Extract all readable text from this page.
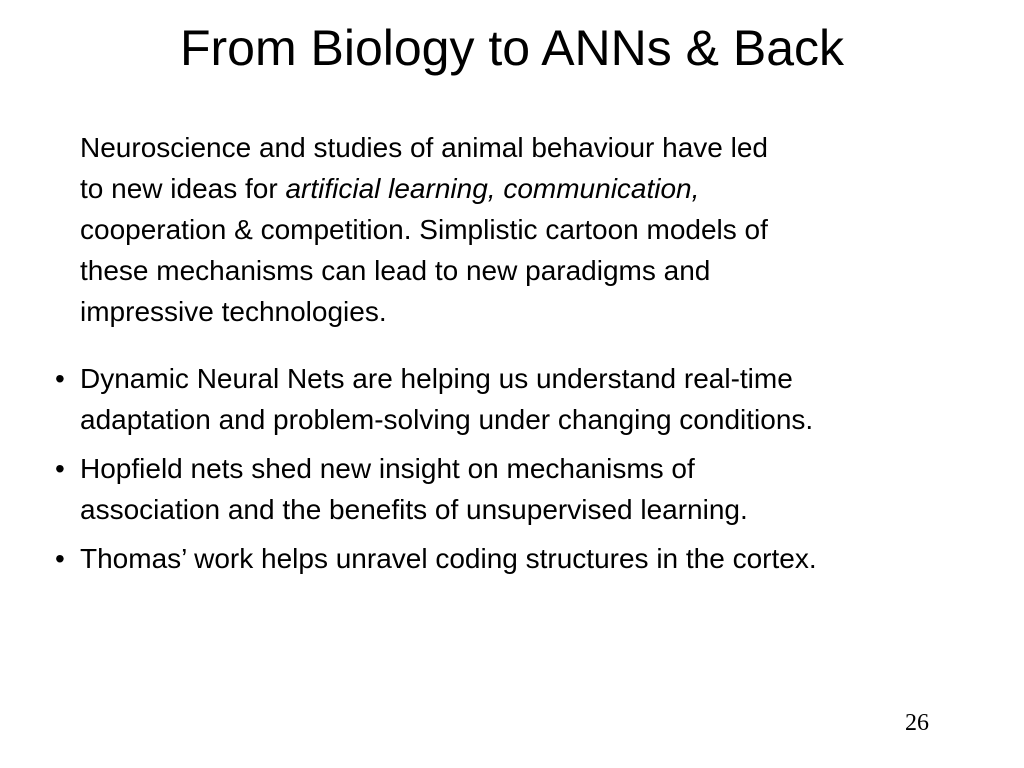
From Biology to ANNs & Back

Neuroscience and studies of animal behaviour have led
to new ideas for artificial learning, communication,
cooperation & competition. Simplistic cartoon models of
these mechanisms can lead to new paradigms and
impressive technologies.

• Dynamic Neural Nets are helping us understand real-time
adaptation and problem-solving under changing conditions.
• Hopfield nets shed new insight on mechanisms of
association and the benefits of unsupervised learning.
• Thomas’ work helps unravel coding structures in the cortex.
26
